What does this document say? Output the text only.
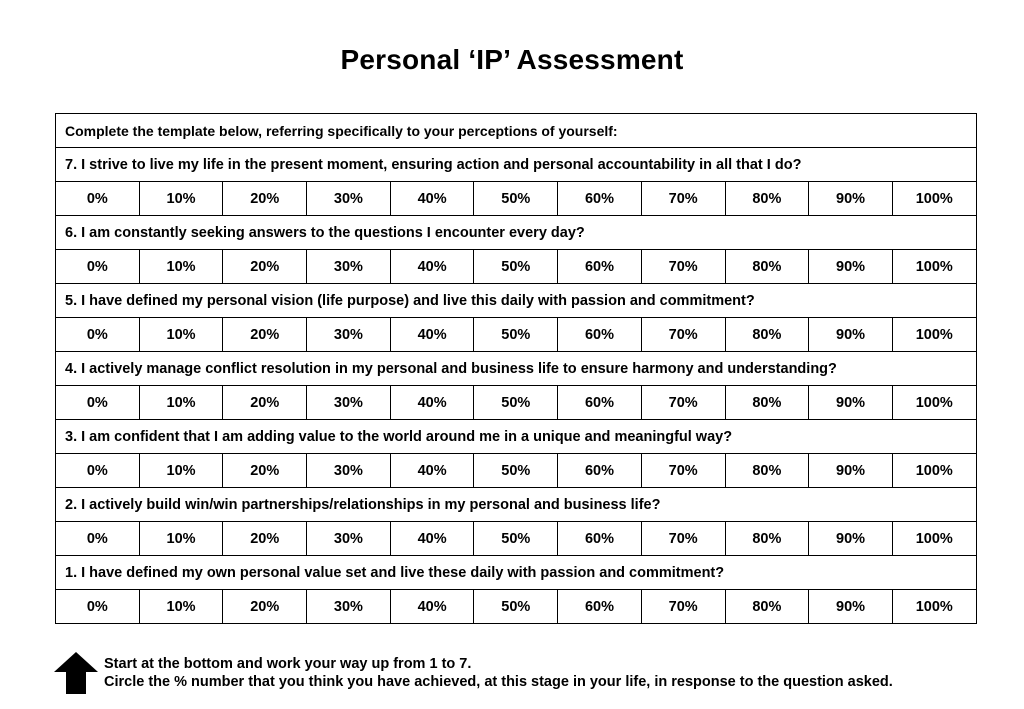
Personal ‘IP’ Assessment
Complete the template below, referring specifically to your perceptions of yourself:										
7. I strive to live my life in the present moment, ensuring action and personal accountability in all that I do?										
0%	10%	20%	30%	40%	50%	60%	70%	80%	90%	100%
6. I am constantly seeking answers to the questions I encounter every day?										
0%	10%	20%	30%	40%	50%	60%	70%	80%	90%	100%
5. I have defined my personal vision (life purpose) and live this daily with passion and commitment?										
0%	10%	20%	30%	40%	50%	60%	70%	80%	90%	100%
4. I actively manage conflict resolution in my personal and business life to ensure harmony and understanding?										
0%	10%	20%	30%	40%	50%	60%	70%	80%	90%	100%
3. I am confident that I am adding value to the world around me in a unique and meaningful way?										
0%	10%	20%	30%	40%	50%	60%	70%	80%	90%	100%
2. I actively build win/win partnerships/relationships in my personal and business life?										
0%	10%	20%	30%	40%	50%	60%	70%	80%	90%	100%
1. I have defined my own personal value set and live these daily with passion and commitment?										
0%	10%	20%	30%	40%	50%	60%	70%	80%	90%	100%
Start at the bottom and work your way up from 1 to 7.
Circle the % number that you think you have achieved, at this stage in your life, in response to the question asked.
